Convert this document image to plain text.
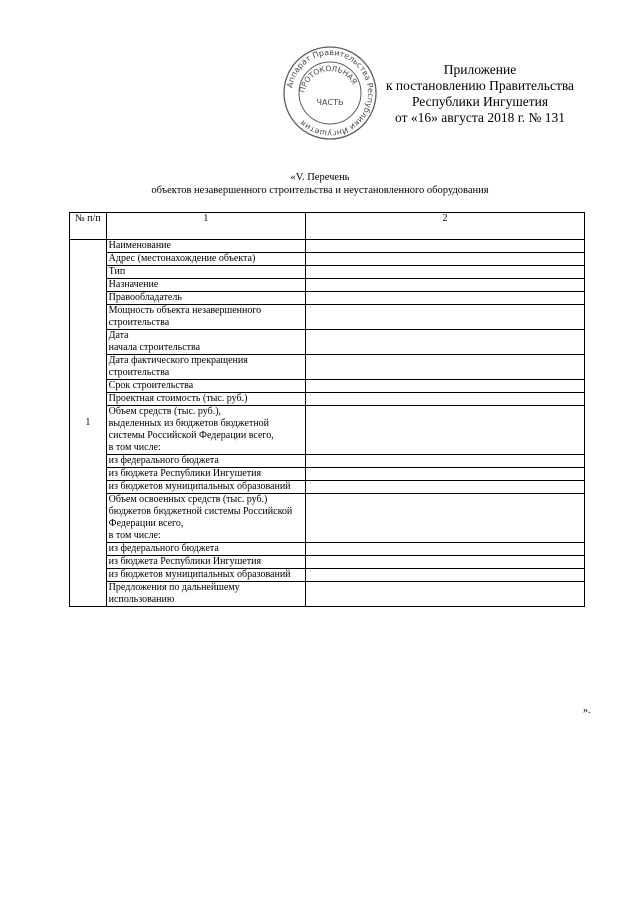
Аппарат Правительства Республики Ингушетия
ПРОТОКОЛЬНАЯ
ЧАСТЬ
Приложение
к постановлению Правительства
Республики Ингушетия
от «16» августа 2018 г. № 131
«V. Перечень
объектов незавершенного строительства и неустановленного оборудования
№ п/п	1	2
1	Наименование	
	Адрес (местонахождение объекта)	
	Тип	
	Назначение	
	Правообладатель	
	Мощность объекта незавершенного строительства	
	Дата
начала строительства	
	Дата фактического прекращения строительства	
	Срок строительства	
	Проектная стоимость (тыс. руб.)	
	Объем средств (тыс. руб.),
выделенных из бюджетов бюджетной системы Российской Федерации всего,
в том числе:	
	из федерального бюджета	
	из бюджета Республики Ингушетия	
	из бюджетов муниципальных образований	
	Объем освоенных средств (тыс. руб.) бюджетов бюджетной системы Российской Федерации всего,
в том числе:	
	из федерального бюджета	
	из бюджета Республики Ингушетия	
	из бюджетов муниципальных образований	
	Предложения по дальнейшему использованию	
».
